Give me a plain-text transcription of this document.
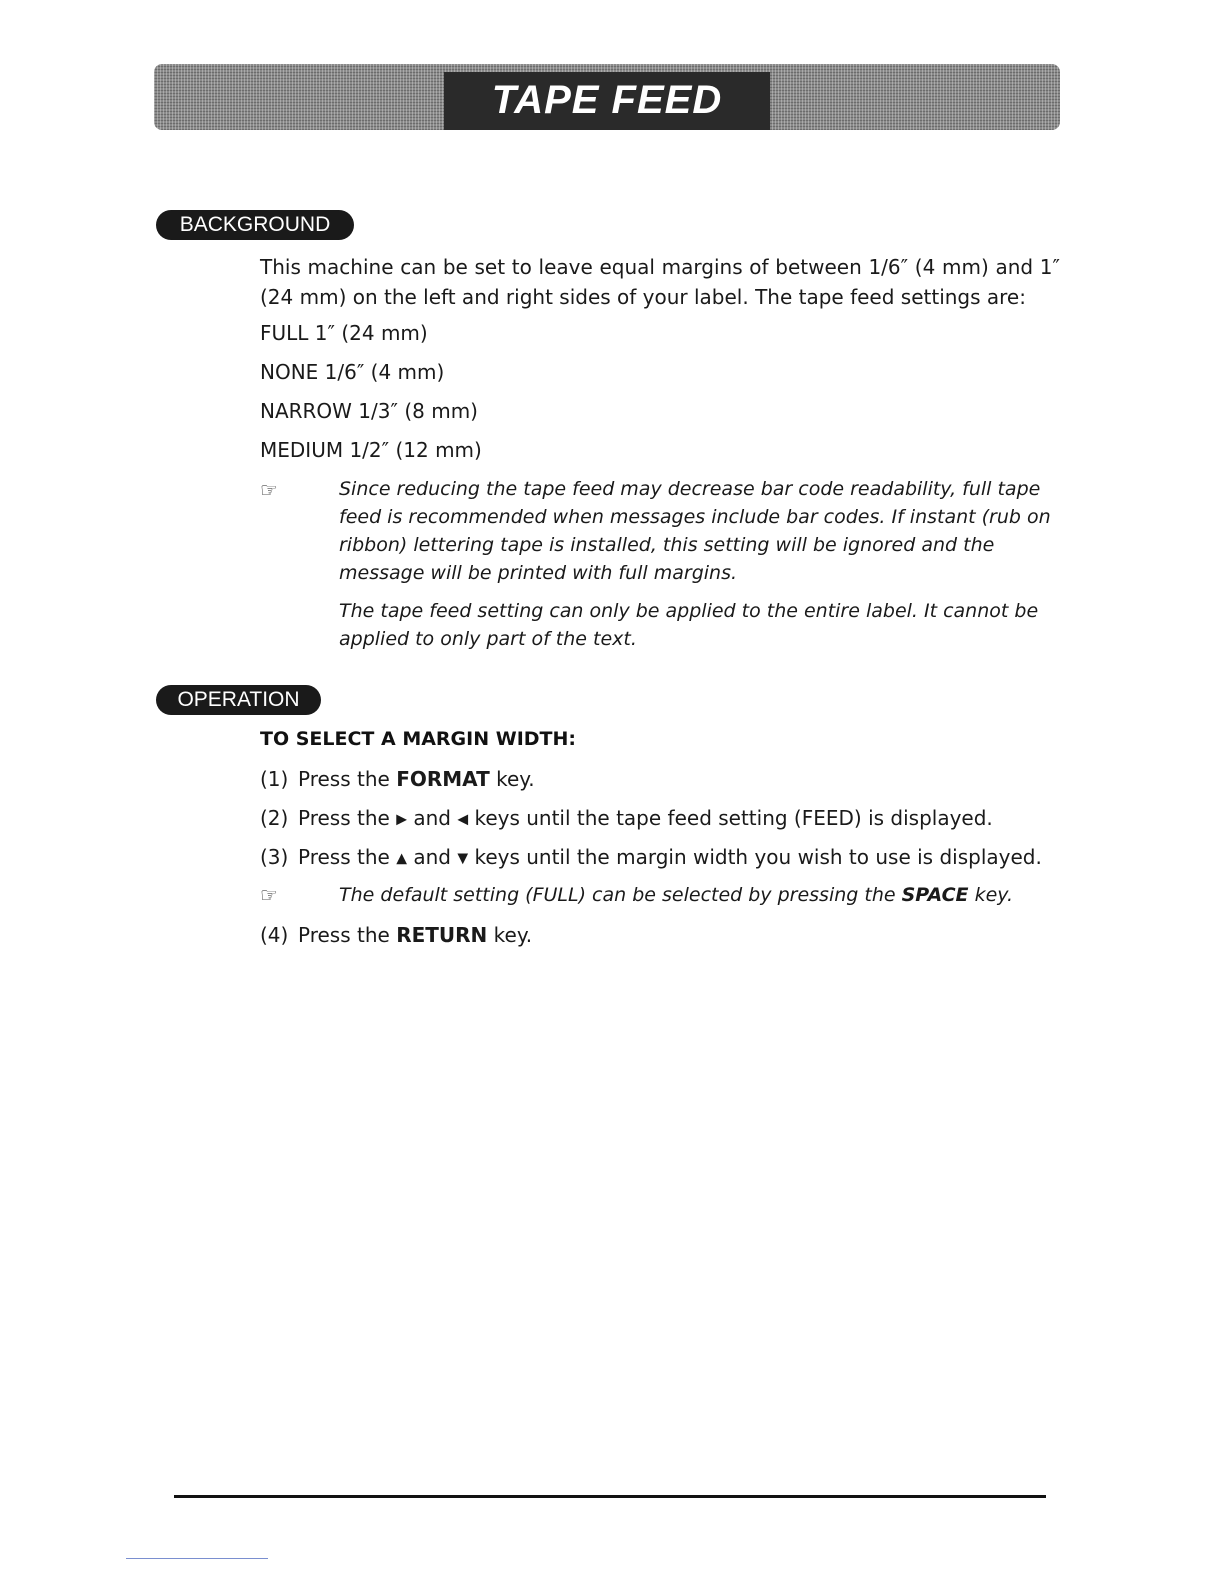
TAPE FEED
BACKGROUND
This machine can be set to leave equal margins of between 1/6″ (4 mm) and 1″ (24 mm) on the left and right sides of your label. The tape feed settings are:
FULL 1″ (24 mm)
NONE 1/6″ (4 mm)
NARROW 1/3″ (8 mm)
MEDIUM 1/2″ (12 mm)
☞	Since reducing the tape feed may decrease bar code readability, full tape feed is recommended when messages include bar codes. If instant (rub on ribbon) lettering tape is installed, this setting will be ignored and the message will be printed with full margins.
The tape feed setting can only be applied to the entire label. It cannot be applied to only part of the text.
OPERATION
TO SELECT A MARGIN WIDTH:
(1) Press the FORMAT key.
(2) Press the ▶ and ◀ keys until the tape feed setting (FEED) is displayed.
(3) Press the ▲ and ▼ keys until the margin width you wish to use is displayed.
☞	The default setting (FULL) can be selected by pressing the SPACE key.
(4) Press the RETURN key.
